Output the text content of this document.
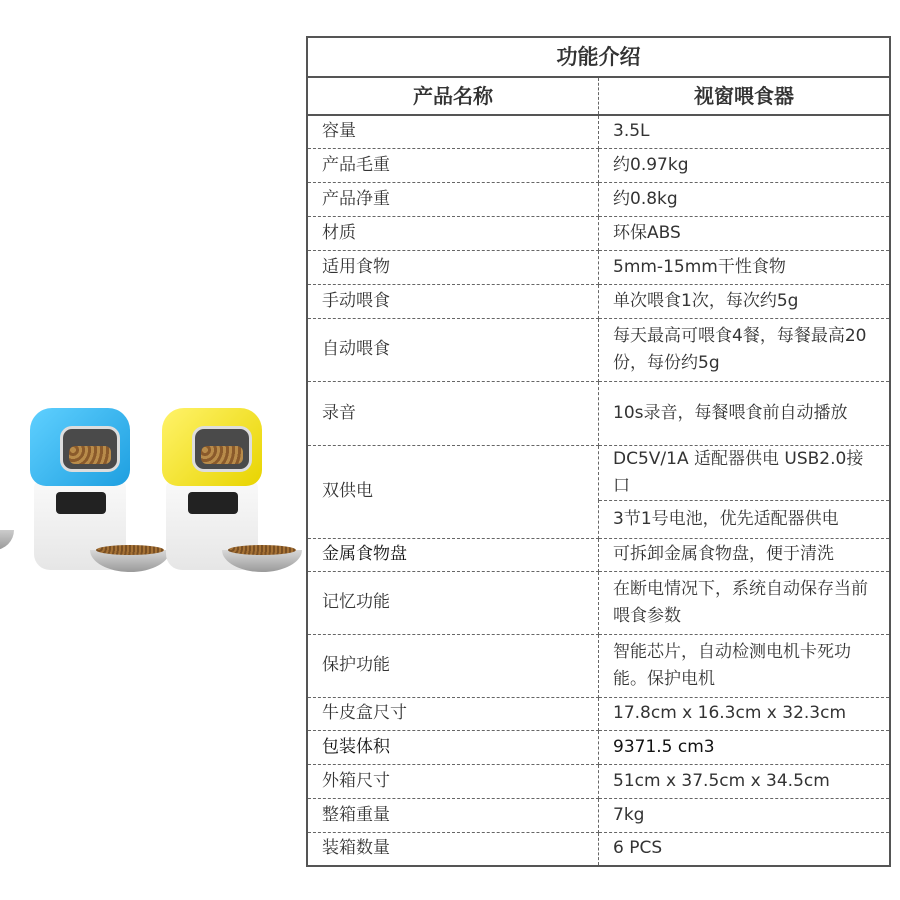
功能介绍	
产品名称	视窗喂食器
容量	3.5L
产品毛重	约0.97kg
产品净重	约0.8kg
材质	环保ABS
适用食物	5mm-15mm干性食物
手动喂食	单次喂食1次，每次约5g
自动喂食	每天最高可喂食4餐，每餐最高20份，每份约5g
录音	10s录音，每餐喂食前自动播放
双供电	DC5V/1A 适配器供电 USB2.0接口
	3节1号电池，优先适配器供电
金属食物盘	可拆卸金属食物盘，便于清洗
记忆功能	在断电情况下，系统自动保存当前喂食参数
保护功能	智能芯片，自动检测电机卡死功能。保护电机
牛皮盒尺寸	17.8cm x 16.3cm x 32.3cm
包装体积	9371.5 cm3
外箱尺寸	51cm x 37.5cm x 34.5cm
整箱重量	7kg
装箱数量	6 PCS
